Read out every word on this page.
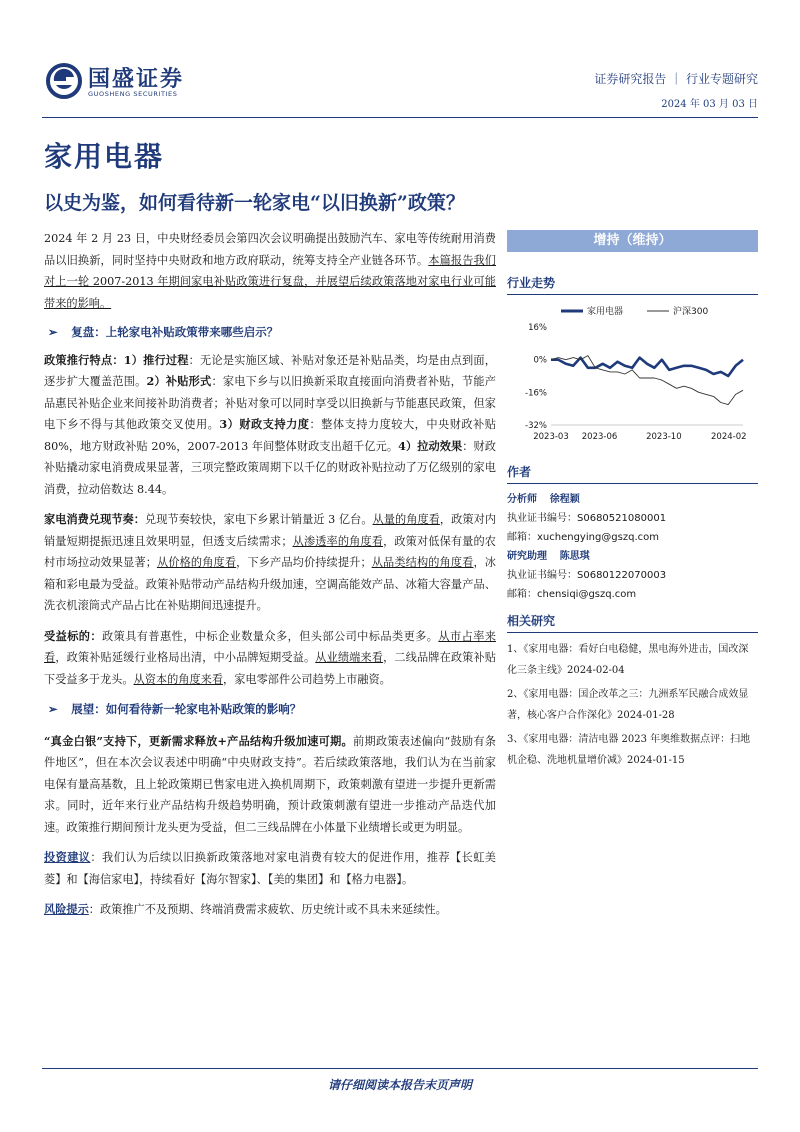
国盛证券
GUOSHENG SECURITIES
证券研究报告 ｜ 行业专题研究
2024 年 03 月 03 日
家用电器
以史为鉴，如何看待新一轮家电“以旧换新”政策？

2024 年 2 月 23 日，中央财经委员会第四次会议明确提出鼓励汽车、家电等传统耐用消费品以旧换新，同时坚持中央财政和地方政府联动，统筹支持全产业链各环节。本篇报告我们对上一轮 2007-2013 年期间家电补贴政策进行复盘，并展望后续政策落地对家电行业可能带来的影响。

➢ 复盘：上轮家电补贴政策带来哪些启示？

政策推行特点：1）推行过程：无论是实施区域、补贴对象还是补贴品类，均是由点到面，逐步扩大覆盖范围。2）补贴形式：家电下乡与以旧换新采取直接面向消费者补贴，节能产品惠民补贴企业来间接补助消费者；补贴对象可以同时享受以旧换新与节能惠民政策，但家电下乡不得与其他政策交叉使用。3）财政支持力度：整体支持力度较大，中央财政补贴 80%，地方财政补贴 20%，2007-2013 年间整体财政支出超千亿元。4）拉动效果：财政补贴撬动家电消费成果显著，三项完整政策周期下以千亿的财政补贴拉动了万亿级别的家电消费，拉动倍数达 8.44。

家电消费兑现节奏：兑现节奏较快，家电下乡累计销量近 3 亿台。从量的角度看，政策对内销量短期提振迅速且效果明显，但透支后续需求；从渗透率的角度看，政策对低保有量的农村市场拉动效果显著；从价格的角度看，下乡产品均价持续提升；从品类结构的角度看，冰箱和彩电最为受益。政策补贴带动产品结构升级加速，空调高能效产品、冰箱大容量产品、洗衣机滚筒式产品占比在补贴期间迅速提升。

受益标的：政策具有普惠性，中标企业数量众多，但头部公司中标品类更多。从市占率来看，政策补贴延缓行业格局出清，中小品牌短期受益。从业绩端来看，二线品牌在政策补贴下受益多于龙头。从资本的角度来看，家电零部件公司趋势上市融资。

➢ 展望：如何看待新一轮家电补贴政策的影响？

“真金白银”支持下，更新需求释放+产品结构升级加速可期。前期政策表述偏向“鼓励有条件地区”，但在本次会议表述中明确“中央财政支持”。若后续政策落地，我们认为在当前家电保有量高基数，且上轮政策期已售家电进入换机周期下，政策刺激有望进一步提升更新需求。同时，近年来行业产品结构升级趋势明确，预计政策刺激有望进一步推动产品迭代加速。政策推行期间预计龙头更为受益，但二三线品牌在小体量下业绩增长或更为明显。

投资建议：我们认为后续以旧换新政策落地对家电消费有较大的促进作用，推荐【长虹美菱】和【海信家电】，持续看好【海尔智家】、【美的集团】和【格力电器】。

风险提示：政策推广不及预期、终端消费需求疲软、历史统计或不具未来延续性。

增持（维持）
行业走势
家用电器	沪深300
16%
0%
-16%
-32%
2023-03 2023-06	2023-10	2024-02
作者
分析师 徐程颖
执业证书编号：S0680521080001
邮箱：xuchengying@gszq.com
研究助理 陈思琪
执业证书编号：S0680122070003
邮箱：chensiqi@gszq.com
相关研究
1、《家用电器：看好白电稳健，黑电海外进击，国改深化三条主线》2024-02-04
2、《家用电器：国企改革之三：九洲系军民融合成效显著，核心客户合作深化》2024-01-28
3、《家用电器：清洁电器 2023 年奥维数据点评：扫地机企稳、洗地机量增价减》2024-01-15
请仔细阅读本报告末页声明
